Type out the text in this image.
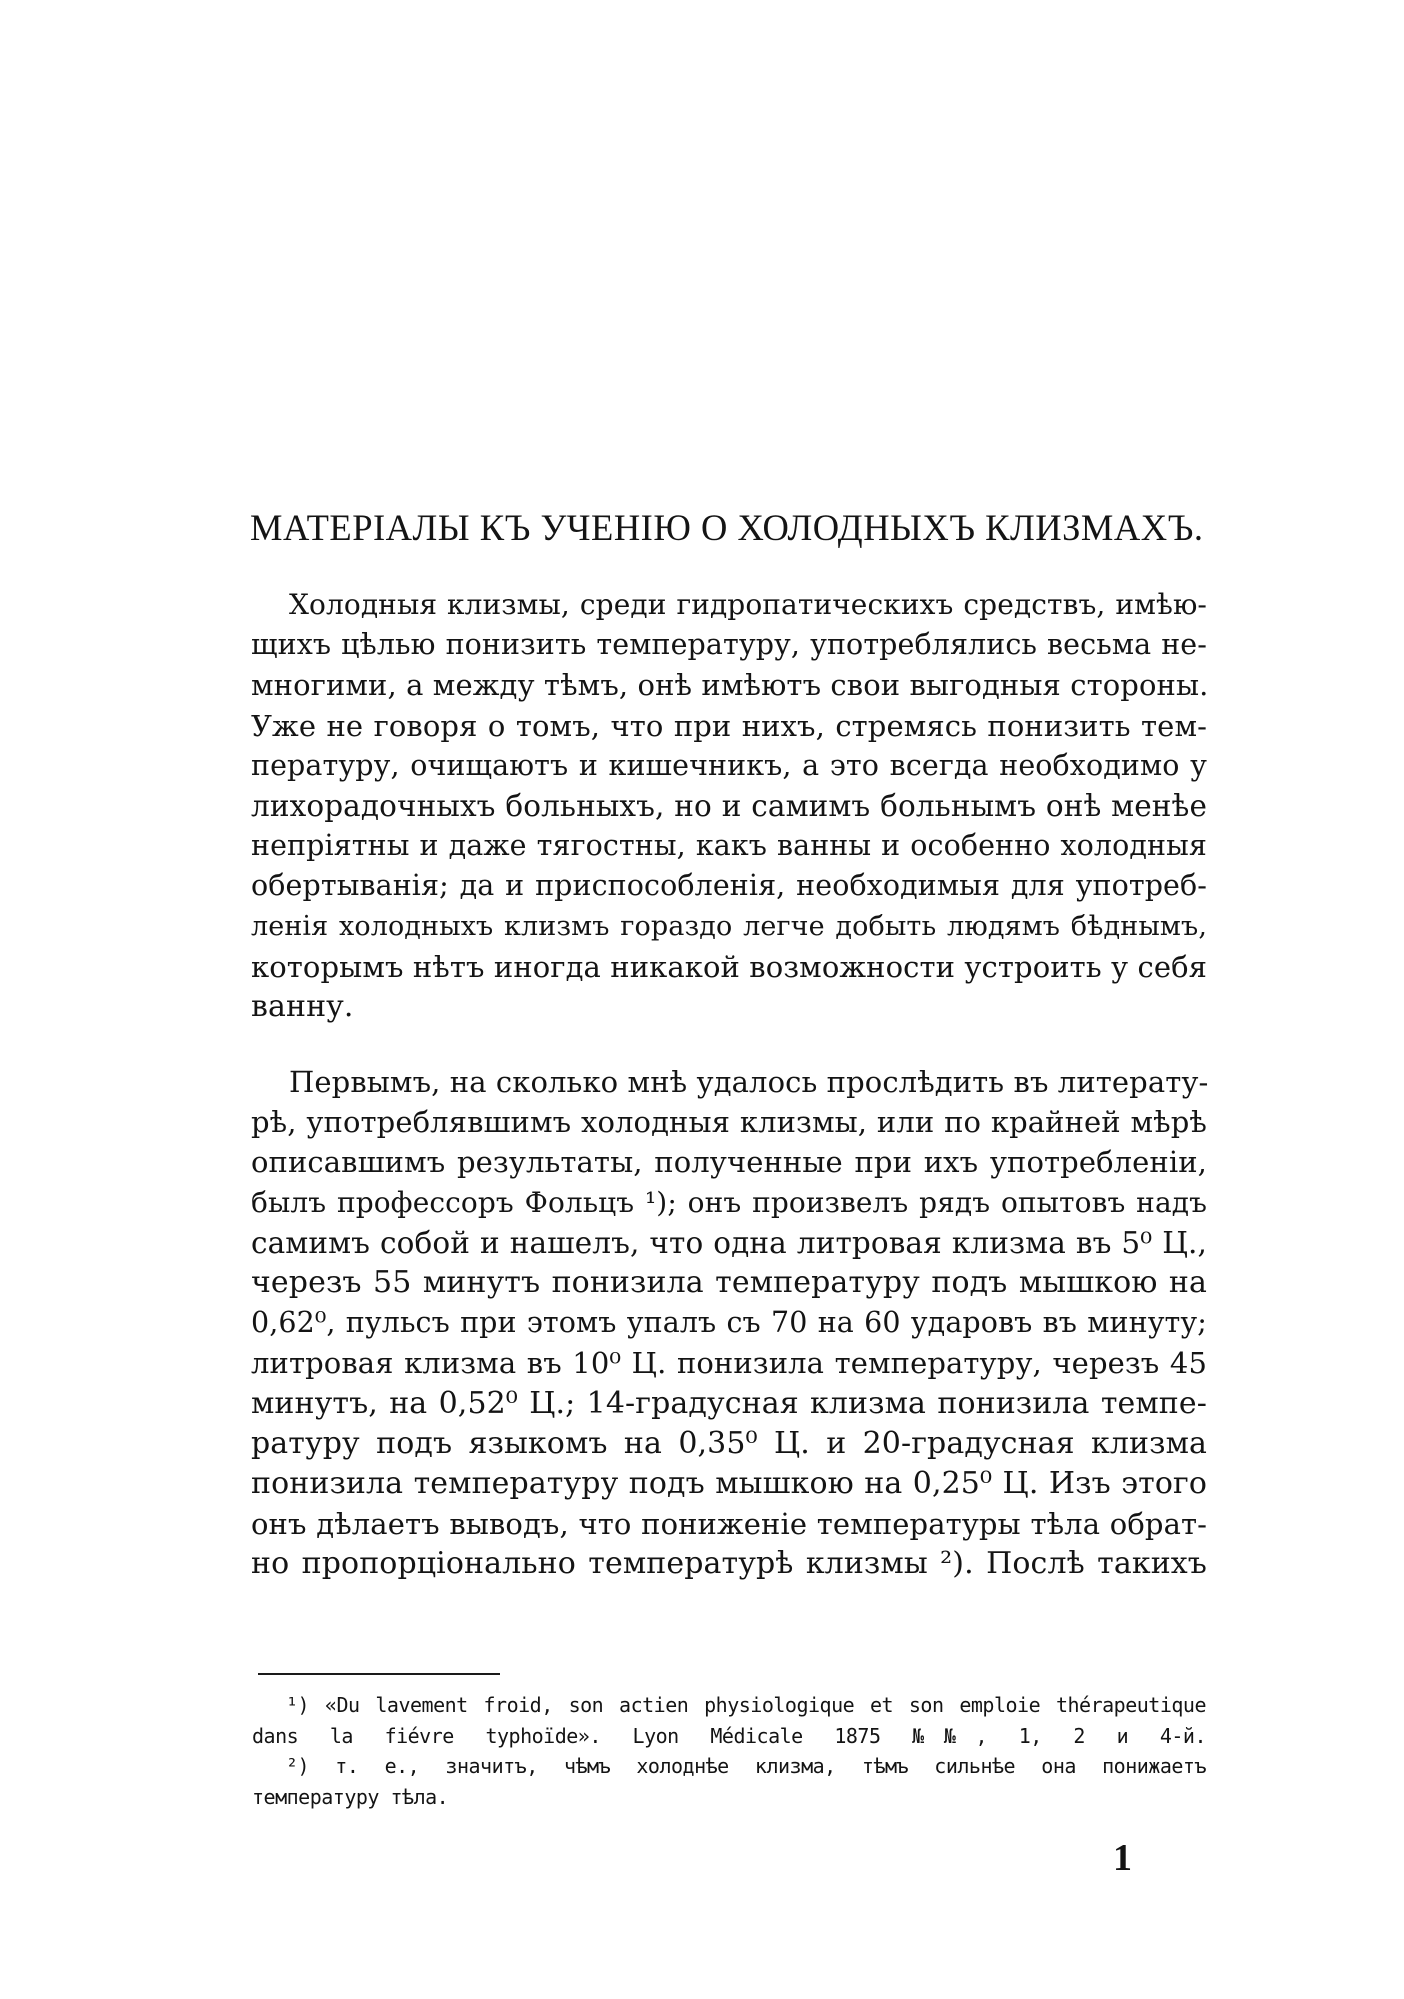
МАТЕРІАЛЫ КЪ УЧЕНІЮ О ХОЛОДНЫХЪ КЛИЗМАХЪ.
Холодныя клизмы, среди гидропатическихъ средствъ, имѣю-
щихъ цѣлью понизить температуру, употреблялись весьма не-
многими, а между тѣмъ, онѣ имѣютъ свои выгодныя стороны.
Уже не говоря о томъ, что при нихъ, стремясь понизить тем-
пературу, очищаютъ и кишечникъ, а это всегда необходимо у
лихорадочныхъ больныхъ, но и самимъ больнымъ онѣ менѣе
непріятны и даже тягостны, какъ ванны и особенно холодныя
обертыванія; да и приспособленія, необходимыя для употреб-
ленія холодныхъ клизмъ гораздо легче добыть людямъ бѣднымъ,
которымъ нѣтъ иногда никакой возможности устроить у себя
ванну.
Первымъ, на сколько мнѣ удалось прослѣдить въ литерату-
рѣ, употреблявшимъ холодныя клизмы, или по крайней мѣрѣ
описавшимъ результаты, полученные при ихъ употребленіи,
былъ профессоръ Фольцъ ¹); онъ произвелъ рядъ опытовъ надъ
самимъ собой и нашелъ, что одна литровая клизма въ 5⁰ Ц.,
черезъ 55 минутъ понизила температуру подъ мышкою на
0,62⁰, пульсъ при этомъ упалъ съ 70 на 60 ударовъ въ минуту;
литровая клизма въ 10⁰ Ц. понизила температуру, черезъ 45
минутъ, на 0,52⁰ Ц.; 14-градусная клизма понизила темпе-
ратуру подъ языкомъ на 0,35⁰ Ц. и 20-градусная клизма
понизила температуру подъ мышкою на 0,25⁰ Ц. Изъ этого
онъ дѣлаетъ выводъ, что пониженіе температуры тѣла обрат-
но пропорціонально температурѣ клизмы ²). Послѣ такихъ
¹) «Du lavement froid, son actien physiologique et son emploie thérapeutique
dans la fiévre typhoïde». Lyon Médicale 1875 №№, 1, 2 и 4-й.
²) т. е., значитъ, чѣмъ холоднѣе клизма, тѣмъ сильнѣе она понижаетъ
температуру тѣла.
1
